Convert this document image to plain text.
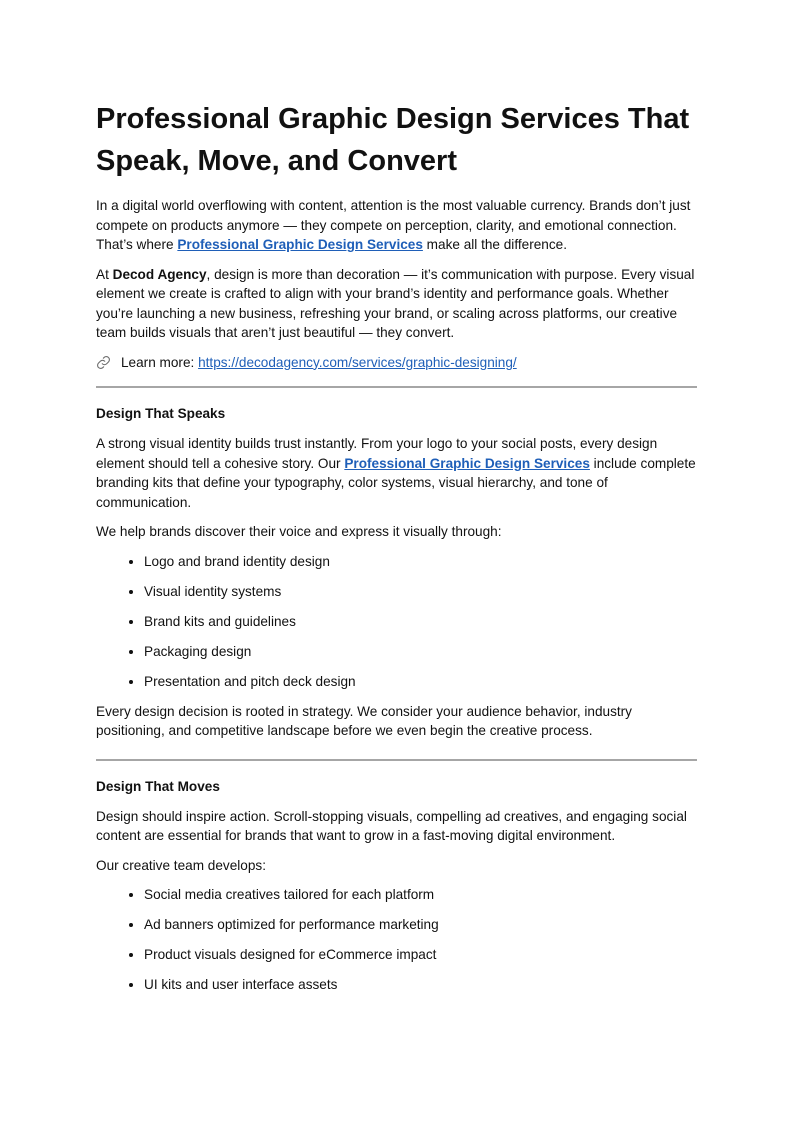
Professional Graphic Design Services That Speak, Move, and Convert

In a digital world overflowing with content, attention is the most valuable currency. Brands don’t just compete on products anymore — they compete on perception, clarity, and emotional connection. That’s where Professional Graphic Design Services make all the difference.

At Decod Agency, design is more than decoration — it’s communication with purpose. Every visual element we create is crafted to align with your brand’s identity and performance goals. Whether you’re launching a new business, refreshing your brand, or scaling across platforms, our creative team builds visuals that aren’t just beautiful — they convert.

Learn more: https://decodagency.com/services/graphic-designing/

Design That Speaks

A strong visual identity builds trust instantly. From your logo to your social posts, every design element should tell a cohesive story. Our Professional Graphic Design Services include complete branding kits that define your typography, color systems, visual hierarchy, and tone of communication.

We help brands discover their voice and express it visually through:

• Logo and brand identity design
• Visual identity systems
• Brand kits and guidelines
• Packaging design
• Presentation and pitch deck design

Every design decision is rooted in strategy. We consider your audience behavior, industry positioning, and competitive landscape before we even begin the creative process.

Design That Moves

Design should inspire action. Scroll-stopping visuals, compelling ad creatives, and engaging social content are essential for brands that want to grow in a fast-moving digital environment.

Our creative team develops:

• Social media creatives tailored for each platform
• Ad banners optimized for performance marketing
• Product visuals designed for eCommerce impact
• UI kits and user interface assets
